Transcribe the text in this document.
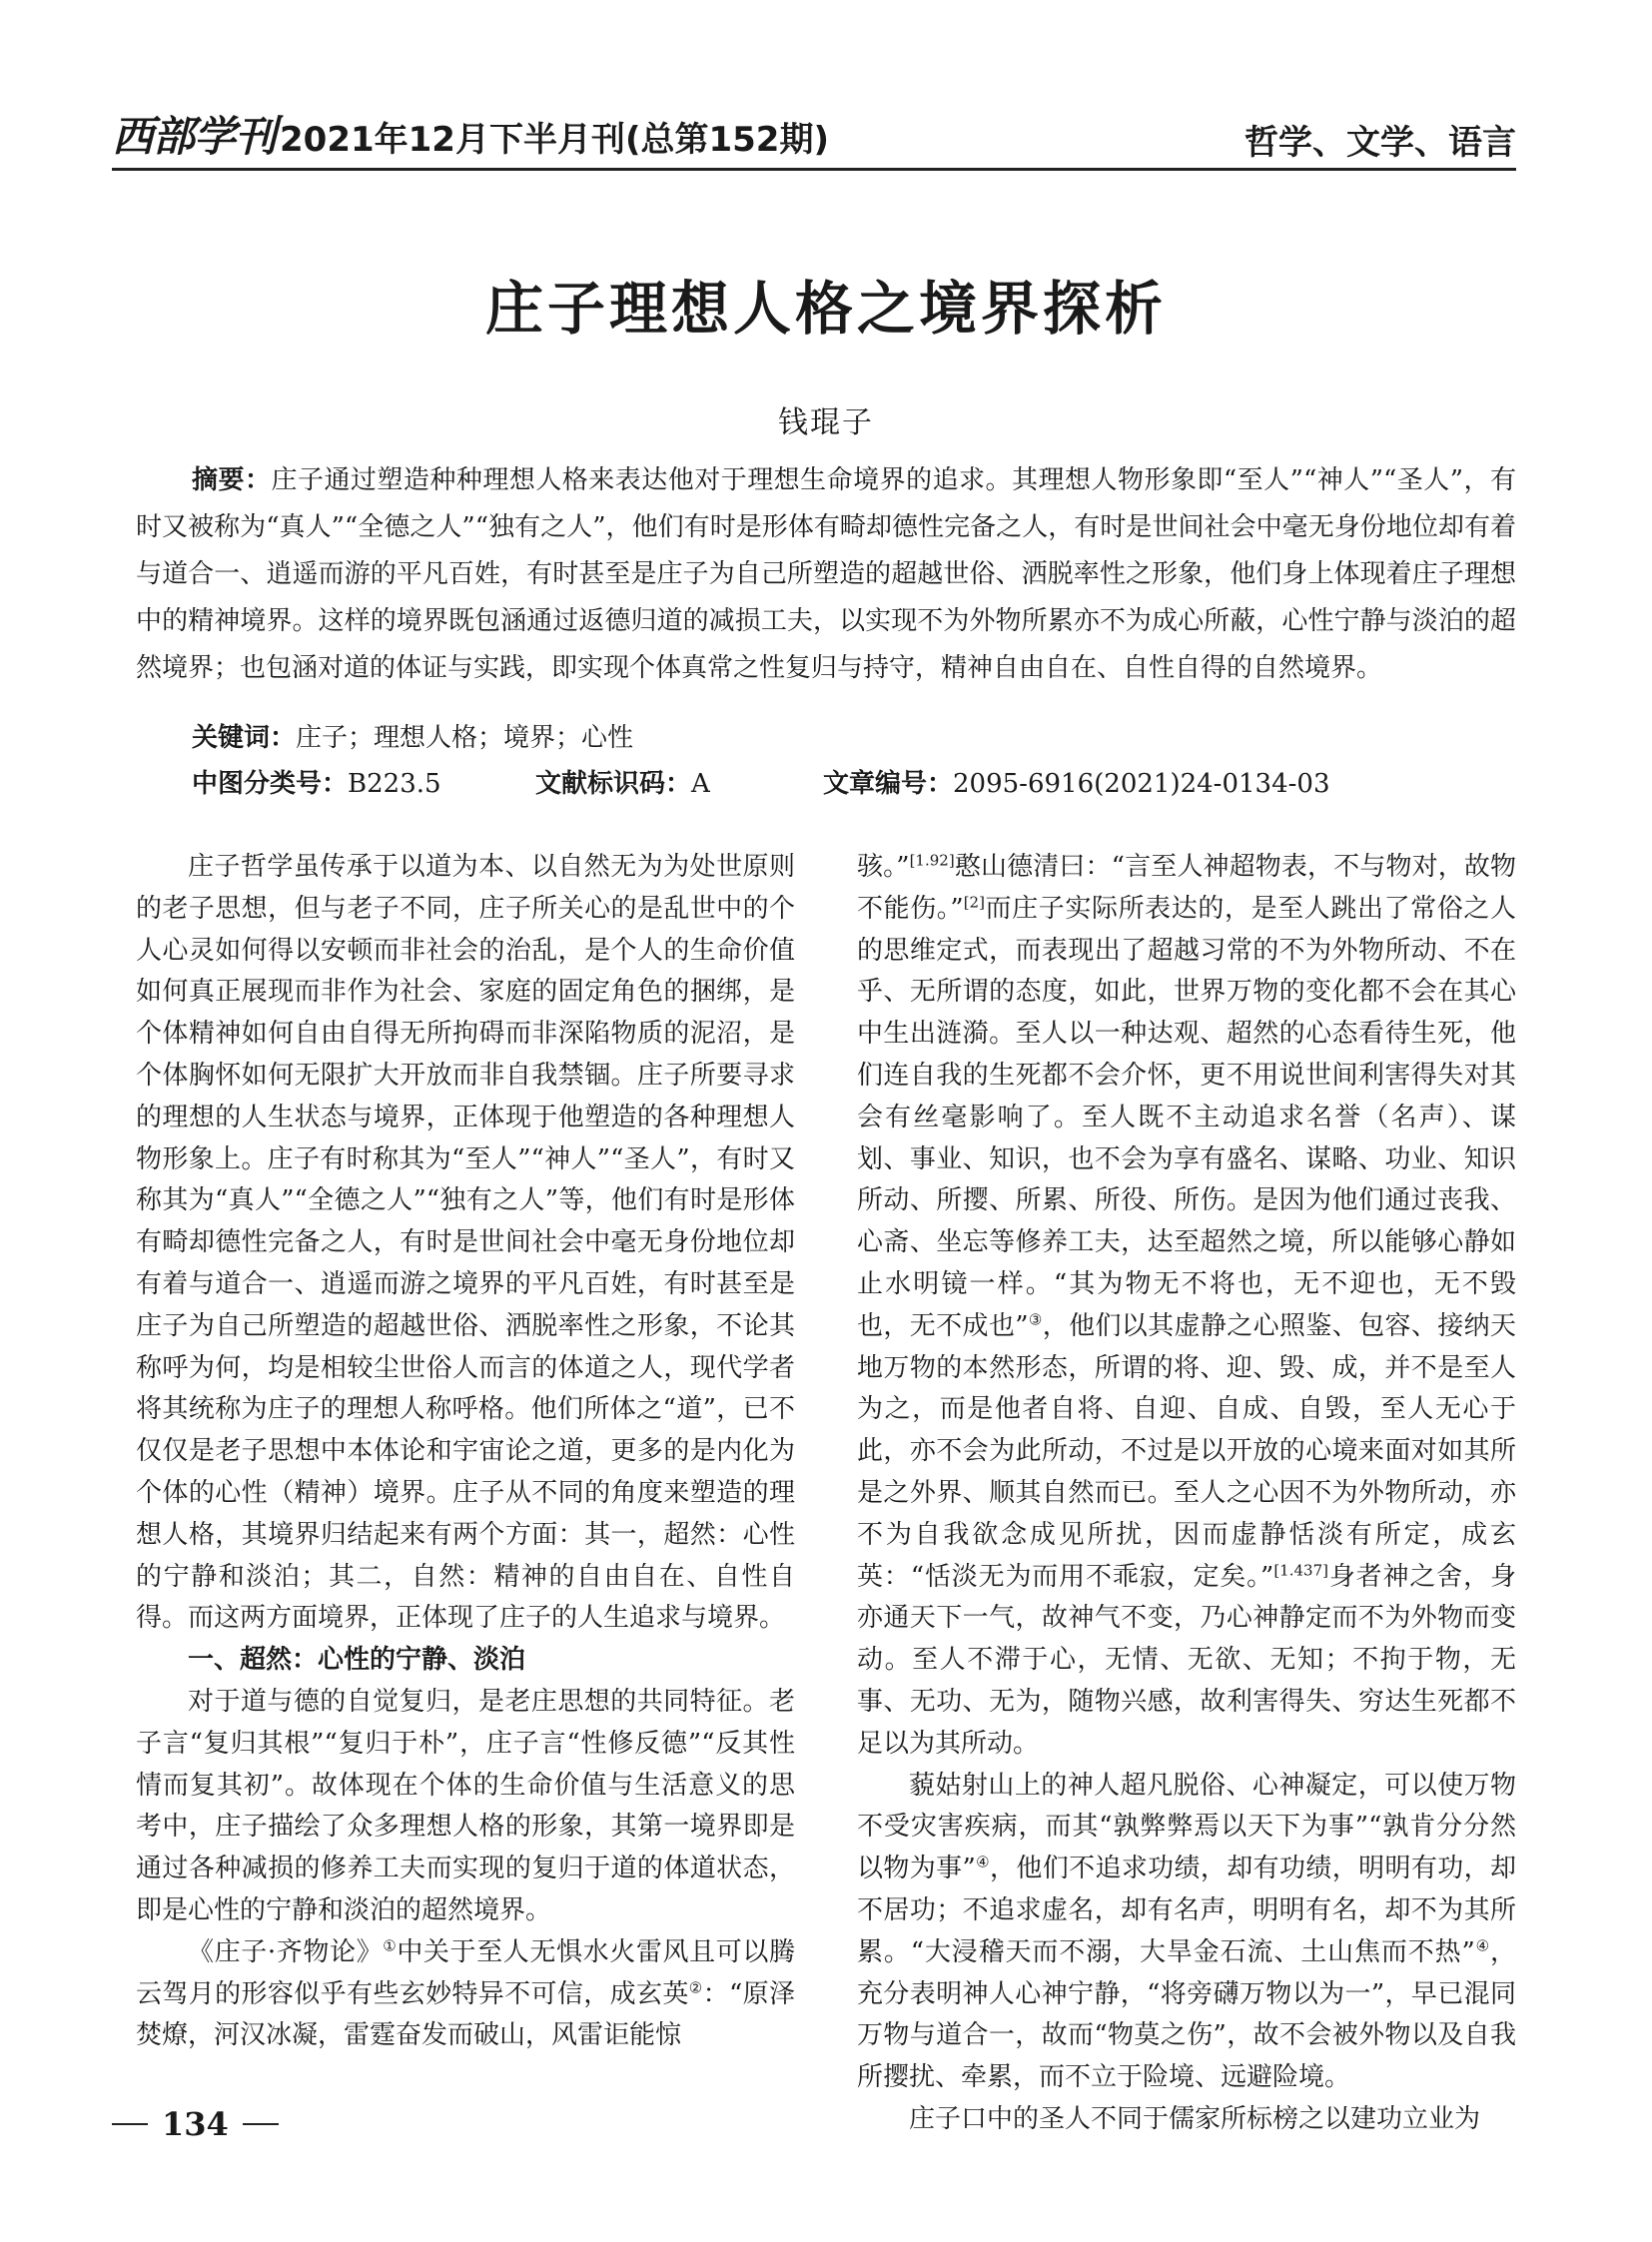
西部学刊 2021年12月下半月刊(总第152期)	哲学、文学、语言
庄子理想人格之境界探析
钱琨子
摘要：庄子通过塑造种种理想人格来表达他对于理想生命境界的追求。其理想人物形象即“至人”“神人”“圣人”，有时又被称为“真人”“全德之人”“独有之人”，他们有时是形体有畸却德性完备之人，有时是世间社会中毫无身份地位却有着与道合一、逍遥而游的平凡百姓，有时甚至是庄子为自己所塑造的超越世俗、洒脱率性之形象，他们身上体现着庄子理想中的精神境界。这样的境界既包涵通过返德归道的减损工夫，以实现不为外物所累亦不为成心所蔽，心性宁静与淡泊的超然境界；也包涵对道的体证与实践，即实现个体真常之性复归与持守，精神自由自在、自性自得的自然境界。
关键词：庄子；理想人格；境界；心性
中图分类号：B223.5	文献标识码：A	文章编号：2095-6916(2021)24-0134-03

庄子哲学虽传承于以道为本、以自然无为为处世原则的老子思想，但与老子不同，庄子所关心的是乱世中的个人心灵如何得以安顿而非社会的治乱，是个人的生命价值如何真正展现而非作为社会、家庭的固定角色的捆绑，是个体精神如何自由自得无所拘碍而非深陷物质的泥沼，是个体胸怀如何无限扩大开放而非自我禁锢。庄子所要寻求的理想的人生状态与境界，正体现于他塑造的各种理想人物形象上。庄子有时称其为“至人”“神人”“圣人”，有时又称其为“真人”“全德之人”“独有之人”等，他们有时是形体有畸却德性完备之人，有时是世间社会中毫无身份地位却有着与道合一、逍遥而游之境界的平凡百姓，有时甚至是庄子为自己所塑造的超越世俗、洒脱率性之形象，不论其称呼为何，均是相较尘世俗人而言的体道之人，现代学者将其统称为庄子的理想人称呼格。他们所体之“道”，已不仅仅是老子思想中本体论和宇宙论之道，更多的是内化为个体的心性（精神）境界。庄子从不同的角度来塑造的理想人格，其境界归结起来有两个方面：其一，超然：心性的宁静和淡泊；其二，自然：精神的自由自在、自性自得。而这两方面境界，正体现了庄子的人生追求与境界。

一、超然：心性的宁静、淡泊

对于道与德的自觉复归，是老庄思想的共同特征。老子言“复归其根”“复归于朴”，庄子言“性修反德”“反其性情而复其初”。故体现在个体的生命价值与生活意义的思考中，庄子描绘了众多理想人格的形象，其第一境界即是通过各种减损的修养工夫而实现的复归于道的体道状态，即是心性的宁静和淡泊的超然境界。

《庄子·齐物论》①中关于至人无惧水火雷风且可以腾云驾月的形容似乎有些玄妙特异不可信，成玄英②：“原泽焚燎，河汉冰凝，雷霆奋发而破山，风雷讵能惊

骇。”[1.92]憨山德清曰：“言至人神超物表，不与物对，故物不能伤。”[2]而庄子实际所表达的，是至人跳出了常俗之人的思维定式，而表现出了超越习常的不为外物所动、不在乎、无所谓的态度，如此，世界万物的变化都不会在其心中生出涟漪。至人以一种达观、超然的心态看待生死，他们连自我的生死都不会介怀，更不用说世间利害得失对其会有丝毫影响了。至人既不主动追求名誉（名声）、谋划、事业、知识，也不会为享有盛名、谋略、功业、知识所动、所撄、所累、所役、所伤。是因为他们通过丧我、心斋、坐忘等修养工夫，达至超然之境，所以能够心静如止水明镜一样。“其为物无不将也，无不迎也，无不毁也，无不成也”③，他们以其虚静之心照鉴、包容、接纳天地万物的本然形态，所谓的将、迎、毁、成，并不是至人为之，而是他者自将、自迎、自成、自毁，至人无心于此，亦不会为此所动，不过是以开放的心境来面对如其所是之外界、顺其自然而已。至人之心因不为外物所动，亦不为自我欲念成见所扰，因而虚静恬淡有所定，成玄英：“恬淡无为而用不乖寂，定矣。”[1.437]身者神之舍，身亦通天下一气，故神气不变，乃心神静定而不为外物而变动。至人不滞于心，无情、无欲、无知；不拘于物，无事、无功、无为，随物兴感，故利害得失、穷达生死都不足以为其所动。

藐姑射山上的神人超凡脱俗、心神凝定，可以使万物不受灾害疾病，而其“孰弊弊焉以天下为事”“孰肯分分然以物为事”④，他们不追求功绩，却有功绩，明明有功，却不居功；不追求虚名，却有名声，明明有名，却不为其所累。“大浸稽天而不溺，大旱金石流、土山焦而不热”④，充分表明神人心神宁静，“将旁礴万物以为一”，早已混同万物与道合一，故而“物莫之伤”，故不会被外物以及自我所撄扰、牵累，而不立于险境、远避险境。

庄子口中的圣人不同于儒家所标榜之以建功立业为

134
